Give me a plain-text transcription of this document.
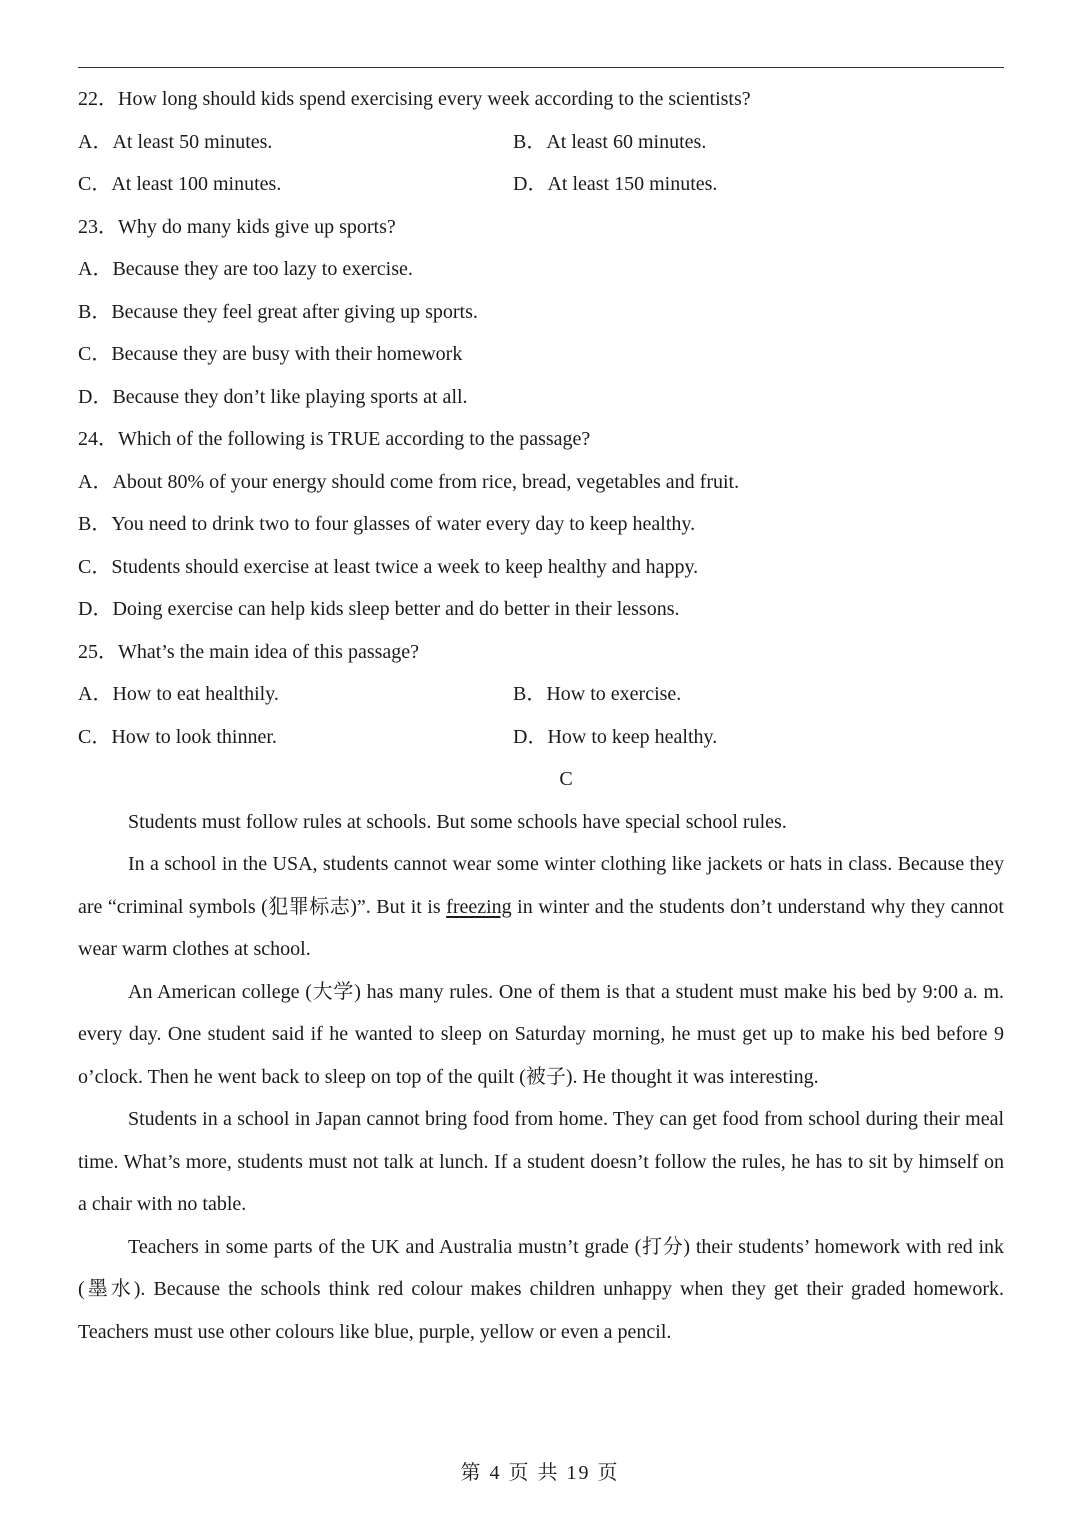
22．How long should kids spend exercising every week according to the scientists?
A．At least 50 minutes.	B．At least 60 minutes.
C．At least 100 minutes.	D．At least 150 minutes.
23．Why do many kids give up sports?
A．Because they are too lazy to exercise.
B．Because they feel great after giving up sports.
C．Because they are busy with their homework
D．Because they don’t like playing sports at all.
24．Which of the following is TRUE according to the passage?
A．About 80% of your energy should come from rice, bread, vegetables and fruit.
B．You need to drink two to four glasses of water every day to keep healthy.
C．Students should exercise at least twice a week to keep healthy and happy.
D．Doing exercise can help kids sleep better and do better in their lessons.
25．What’s the main idea of this passage?
A．How to eat healthily.	B．How to exercise.
C．How to look thinner.	D．How to keep healthy.
C
Students must follow rules at schools. But some schools have special school rules.
In a school in the USA, students cannot wear some winter clothing like jackets or hats in class. Because they are “criminal symbols (犯罪标志)”. But it is freezing in winter and the students don’t understand why they cannot wear warm clothes at school.
An American college (大学) has many rules. One of them is that a student must make his bed by 9:00 a. m. every day. One student said if he wanted to sleep on Saturday morning, he must get up to make his bed before 9 o’clock. Then he went back to sleep on top of the quilt (被子). He thought it was interesting.
Students in a school in Japan cannot bring food from home. They can get food from school during their meal time. What’s more, students must not talk at lunch. If a student doesn’t follow the rules, he has to sit by himself on a chair with no table.
Teachers in some parts of the UK and Australia mustn’t grade (打分) their students’ homework with red ink (墨水). Because the schools think red colour makes children unhappy when they get their graded homework. Teachers must use other colours like blue, purple, yellow or even a pencil.
第 4 页 共 19 页
